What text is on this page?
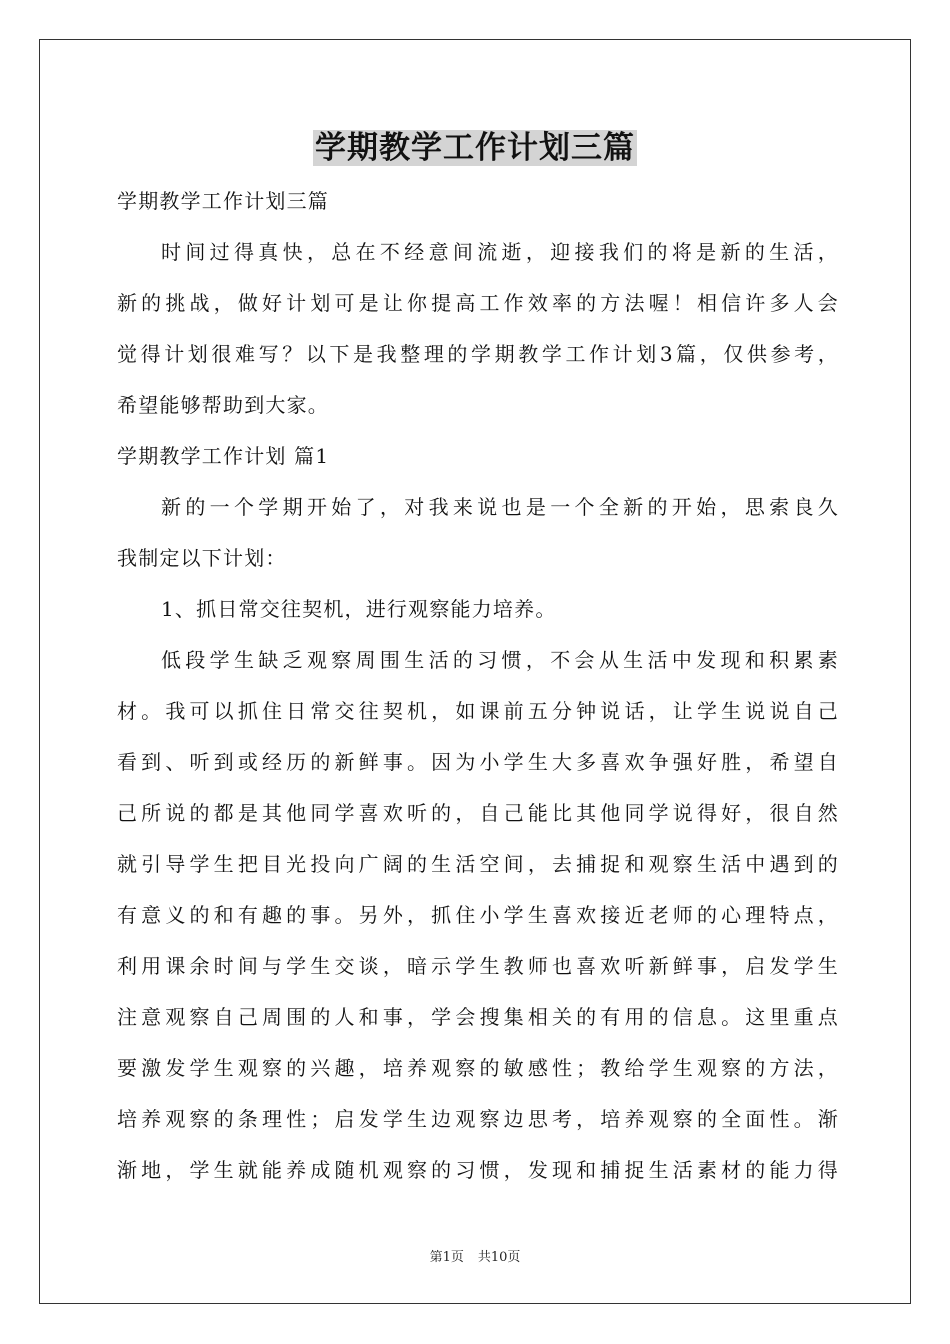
学期教学工作计划三篇
学期教学工作计划三篇
时间过得真快，总在不经意间流逝，迎接我们的将是新的生活，
新的挑战，做好计划可是让你提高工作效率的方法喔！相信许多人会
觉得计划很难写？以下是我整理的学期教学工作计划3篇，仅供参考，
希望能够帮助到大家。
学期教学工作计划 篇1
新的一个学期开始了，对我来说也是一个全新的开始，思索良久
我制定以下计划：
1、抓日常交往契机，进行观察能力培养。
低段学生缺乏观察周围生活的习惯，不会从生活中发现和积累素
材。我可以抓住日常交往契机，如课前五分钟说话，让学生说说自己
看到、听到或经历的新鲜事。因为小学生大多喜欢争强好胜，希望自
己所说的都是其他同学喜欢听的，自己能比其他同学说得好，很自然
就引导学生把目光投向广阔的生活空间，去捕捉和观察生活中遇到的
有意义的和有趣的事。另外，抓住小学生喜欢接近老师的心理特点，
利用课余时间与学生交谈，暗示学生教师也喜欢听新鲜事，启发学生
注意观察自己周围的人和事，学会搜集相关的有用的信息。这里重点
要激发学生观察的兴趣，培养观察的敏感性；教给学生观察的方法，
培养观察的条理性；启发学生边观察边思考，培养观察的全面性。渐
渐地，学生就能养成随机观察的习惯，发现和捕捉生活素材的能力得
第1页 共10页
